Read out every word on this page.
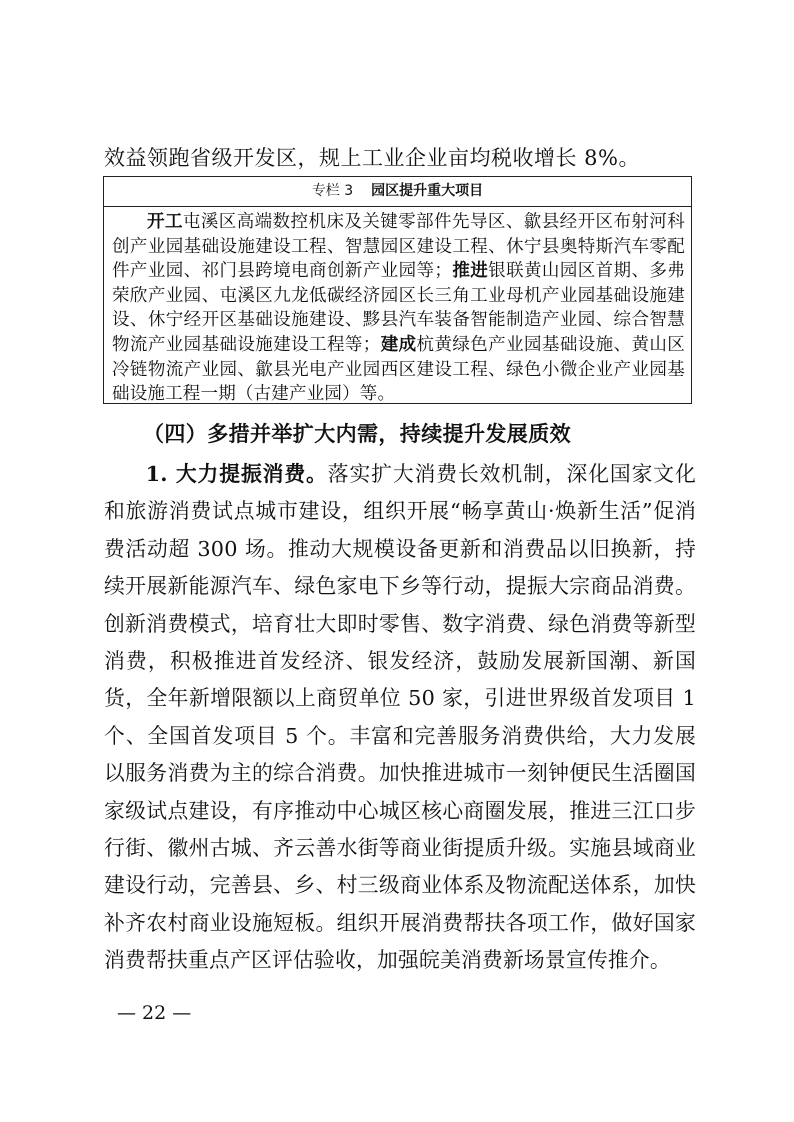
效益领跑省级开发区，规上工业企业亩均税收增长 8%。
专栏 3 园区提升重大项目
开工屯溪区高端数控机床及关键零部件先导区、歙县经开区布射河科创产业园基础设施建设工程、智慧园区建设工程、休宁县奥特斯汽车零配件产业园、祁门县跨境电商创新产业园等；推进银联黄山园区首期、多弗荣欣产业园、屯溪区九龙低碳经济园区长三角工业母机产业园基础设施建设、休宁经开区基础设施建设、黟县汽车装备智能制造产业园、综合智慧物流产业园基础设施建设工程等；建成杭黄绿色产业园基础设施、黄山区冷链物流产业园、歙县光电产业园西区建设工程、绿色小微企业产业园基础设施工程一期（古建产业园）等。
（四）多措并举扩大内需，持续提升发展质效

1. 大力提振消费。落实扩大消费长效机制，深化国家文化和旅游消费试点城市建设，组织开展“畅享黄山·焕新生活”促消费活动超 300 场。推动大规模设备更新和消费品以旧换新，持续开展新能源汽车、绿色家电下乡等行动，提振大宗商品消费。创新消费模式，培育壮大即时零售、数字消费、绿色消费等新型消费，积极推进首发经济、银发经济，鼓励发展新国潮、新国货，全年新增限额以上商贸单位 50 家，引进世界级首发项目 1 个、全国首发项目 5 个。丰富和完善服务消费供给，大力发展以服务消费为主的综合消费。加快推进城市一刻钟便民生活圈国家级试点建设，有序推动中心城区核心商圈发展，推进三江口步行街、徽州古城、齐云善水街等商业街提质升级。实施县域商业建设行动，完善县、乡、村三级商业体系及物流配送体系，加快补齐农村商业设施短板。组织开展消费帮扶各项工作，做好国家消费帮扶重点产区评估验收，加强皖美消费新场景宣传推介。

— 22 —
